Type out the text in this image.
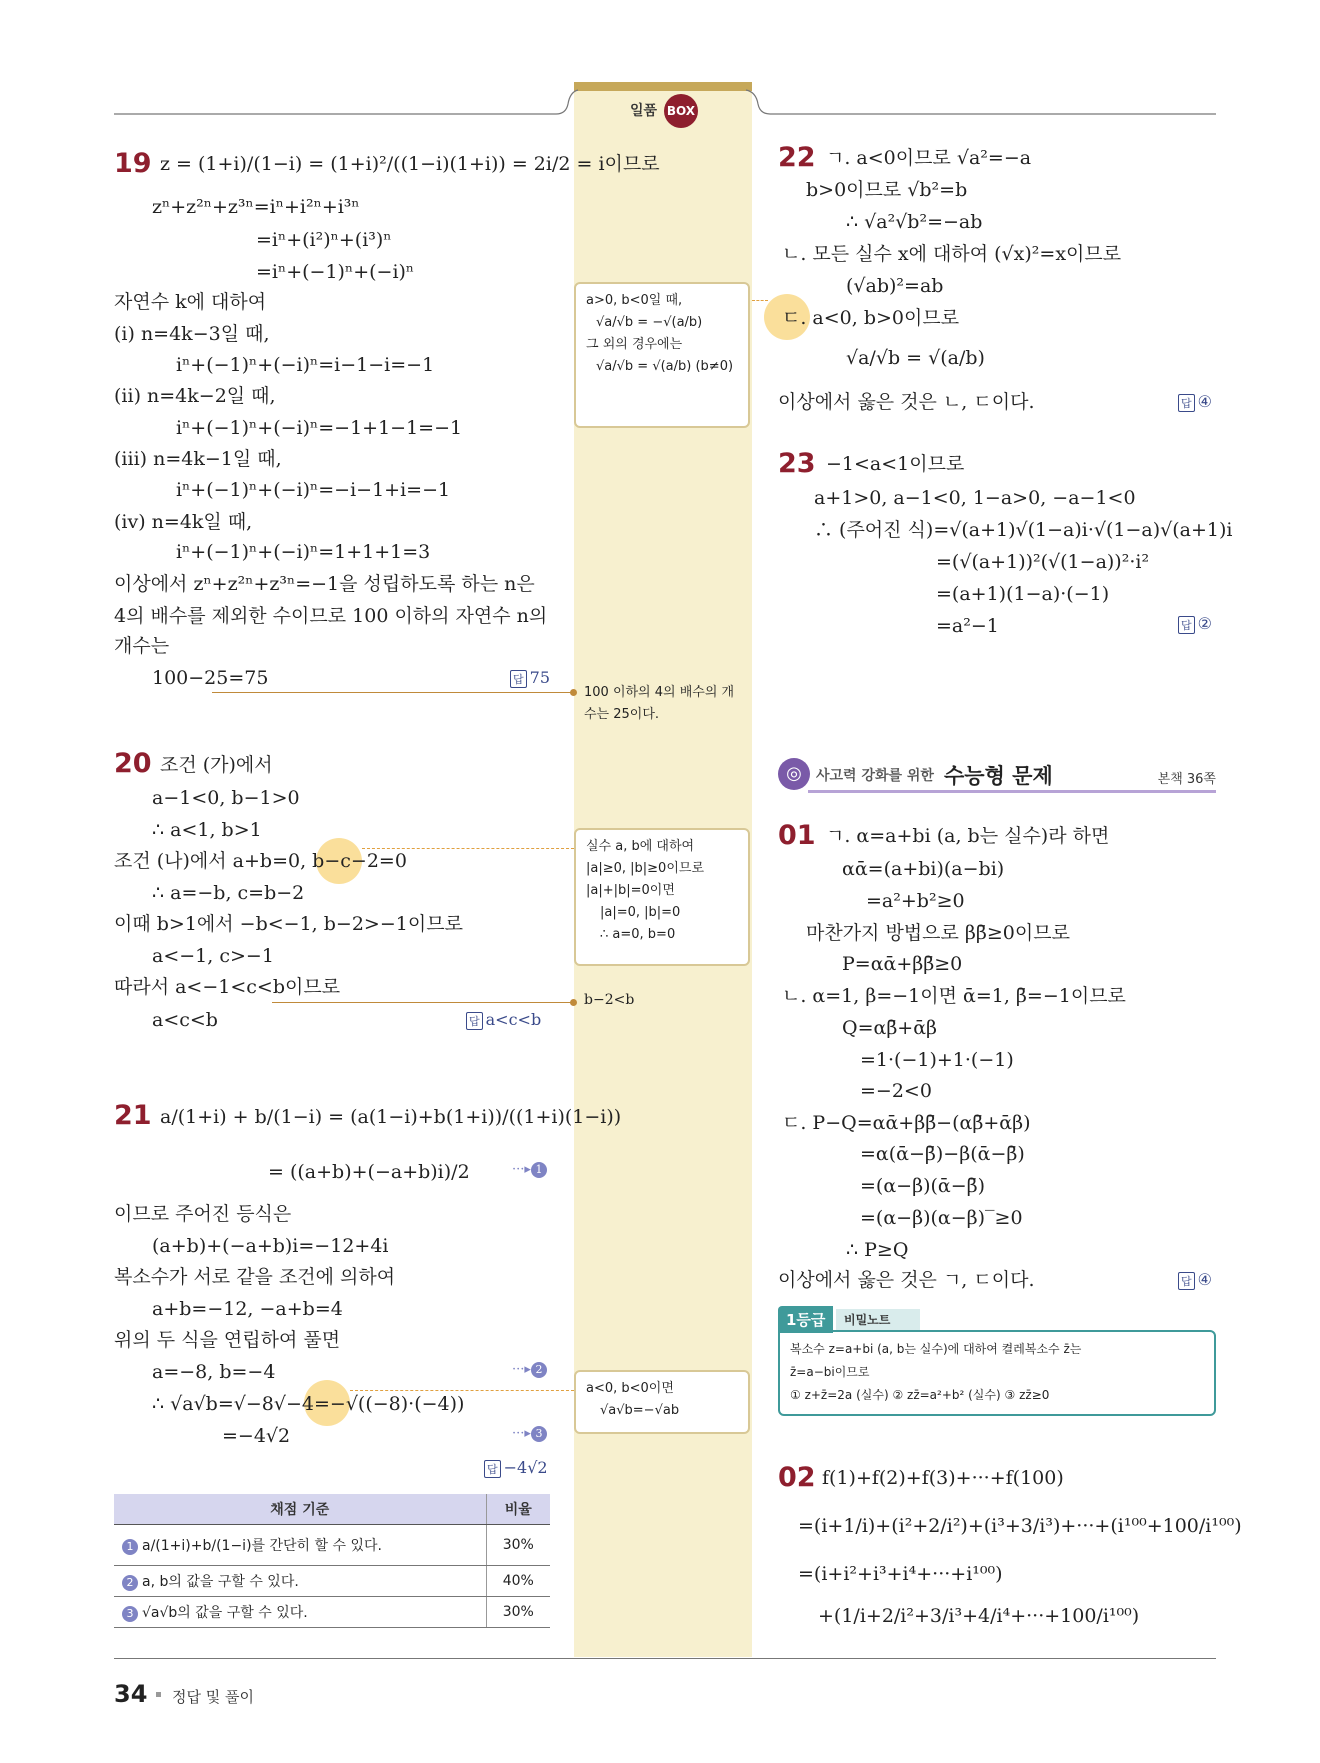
일품 BOX
19 z = (1+i)/(1−i) = (1+i)²/((1−i)(1+i)) = 2i/2 = i이므로
zⁿ+z²ⁿ+z³ⁿ=iⁿ+i²ⁿ+i³ⁿ
=iⁿ+(i²)ⁿ+(i³)ⁿ
=iⁿ+(−1)ⁿ+(−i)ⁿ
자연수 k에 대하여
(i) n=4k−3일 때,
iⁿ+(−1)ⁿ+(−i)ⁿ=i−1−i=−1
(ii) n=4k−2일 때,
iⁿ+(−1)ⁿ+(−i)ⁿ=−1+1−1=−1
(iii) n=4k−1일 때,
iⁿ+(−1)ⁿ+(−i)ⁿ=−i−1+i=−1
(iv) n=4k일 때,
iⁿ+(−1)ⁿ+(−i)ⁿ=1+1+1=3
이상에서 zⁿ+z²ⁿ+z³ⁿ=−1을 성립하도록 하는 n은
4의 배수를 제외한 수이므로 100 이하의 자연수 n의
개수는
100−25=75	답 75
20 조건 (가)에서
a−1<0, b−1>0
∴ a<1, b>1
조건 (나)에서 a+b=0, b−c−2=0
∴ a=−b, c=b−2
이때 b>1에서 −b<−1, b−2>−1이므로
a<−1, c>−1
따라서 a<−1<c<b이므로
a<c<b	답 a<c<b
21 a/(1+i) + b/(1−i) = (a(1−i)+b(1+i))/((1+i)(1−i))
= ((a+b)+(−a+b)i)/2	···▸ 1
이므로 주어진 등식은
(a+b)+(−a+b)i=−12+4i
복소수가 서로 같을 조건에 의하여
a+b=−12, −a+b=4
위의 두 식을 연립하여 풀면
a=−8, b=−4	···▸ 2
∴ √a√b=√−8√−4=−√((−8)·(−4))
=−4√2	···▸ 3
답 −4√2
채점 기준	비율
1 a/(1+i)+b/(1−i)를 간단히 할 수 있다.	30%
2 a, b의 값을 구할 수 있다.	40%
3 √a√b의 값을 구할 수 있다.	30%
a>0, b<0일 때,
√a/√b = −√(a/b)
그 외의 경우에는
√a/√b = √(a/b) (b≠0)
100 이하의 4의 배수의 개
수는 25이다.
실수 a, b에 대하여
|a|≥0, |b|≥0이므로
|a|+|b|=0이면
|a|=0, |b|=0
∴ a=0, b=0
b−2<b
a<0, b<0이면
√a√b=−√ab
22 ㄱ. a<0이므로 √a²=−a
b>0이므로 √b²=b
∴ √a²√b²=−ab
ㄴ. 모든 실수 x에 대하여 (√x)²=x이므로
(√ab)²=ab
ㄷ. a<0, b>0이므로
√a/√b = √(a/b)
이상에서 옳은 것은 ㄴ, ㄷ이다.	답 ④
23 −1<a<1이므로
a+1>0, a−1<0, 1−a>0, −a−1<0
∴ (주어진 식)=√(a+1)√(1−a)i·√(1−a)√(a+1)i
=(√(a+1))²(√(1−a))²·i²
=(a+1)(1−a)·(−1)
=a²−1	답 ②
◎	사고력 강화를 위한 수능형 문제	본책 36쪽
01 ㄱ. α=a+bi (a, b는 실수)라 하면
αᾱ=(a+bi)(a−bi)
=a²+b²≥0
마찬가지 방법으로 ββ̄≥0이므로
P=αᾱ+ββ̄≥0
ㄴ. α=1, β=−1이면 ᾱ=1, β̄=−1이므로
Q=αβ̄+ᾱβ
=1·(−1)+1·(−1)
=−2<0
ㄷ. P−Q=αᾱ+ββ̄−(αβ̄+ᾱβ)
=α(ᾱ−β̄)−β(ᾱ−β̄)
=(α−β)(ᾱ−β̄)
=(α−β)(α−β)‾≥0
∴ P≥Q
이상에서 옳은 것은 ㄱ, ㄷ이다.	답 ④
1등급	비밀노트
복소수 z=a+bi (a, b는 실수)에 대하여 켤레복소수 z̄는
z̄=a−bi이므로
① z+z̄=2a (실수) ② zz̄=a²+b² (실수) ③ zz̄≥0
02 f(1)+f(2)+f(3)+···+f(100)
=(i+1/i)+(i²+2/i²)+(i³+3/i³)+···+(i¹⁰⁰+100/i¹⁰⁰)
=(i+i²+i³+i⁴+···+i¹⁰⁰)
+(1/i+2/i²+3/i³+4/i⁴+···+100/i¹⁰⁰)
34 정답 및 풀이
